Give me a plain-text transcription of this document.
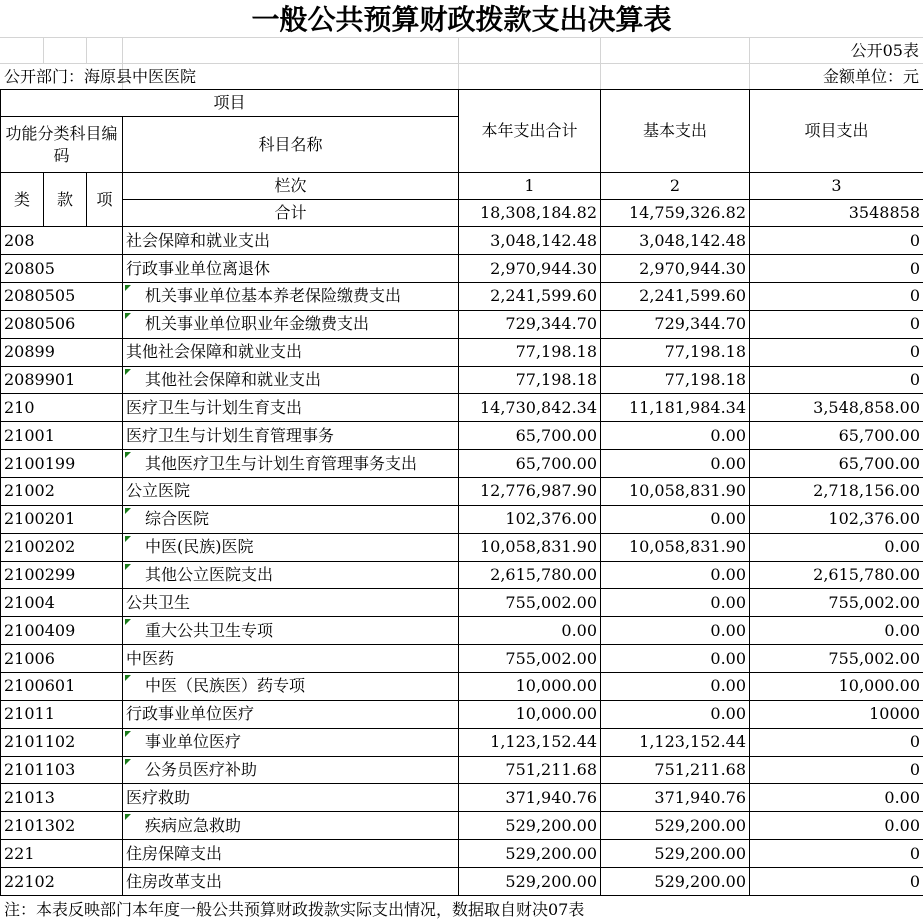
一般公共预算财政拨款支出决算表
公开05表
公开部门：海原县中医医院	金额单位：元
项目				本年支出合计	基本支出	项目支出
功能分类科目编码			科目名称			

类	款	项	栏次	1	2	3
			合计	18,308,184.82	14,759,326.82	3548858
208			社会保障和就业支出	3,048,142.48	3,048,142.48	0
20805			行政事业单位离退休	2,970,944.30	2,970,944.30	0
2080505			机关事业单位基本养老保险缴费支出	2,241,599.60	2,241,599.60	0
2080506			机关事业单位职业年金缴费支出	729,344.70	729,344.70	0
20899			其他社会保障和就业支出	77,198.18	77,198.18	0
2089901			其他社会保障和就业支出	77,198.18	77,198.18	0
210			医疗卫生与计划生育支出	14,730,842.34	11,181,984.34	3,548,858.00
21001			医疗卫生与计划生育管理事务	65,700.00	0.00	65,700.00
2100199			其他医疗卫生与计划生育管理事务支出	65,700.00	0.00	65,700.00
21002			公立医院	12,776,987.90	10,058,831.90	2,718,156.00
2100201			综合医院	102,376.00	0.00	102,376.00
2100202			中医(民族)医院	10,058,831.90	10,058,831.90	0.00
2100299			其他公立医院支出	2,615,780.00	0.00	2,615,780.00
21004			公共卫生	755,002.00	0.00	755,002.00
2100409			重大公共卫生专项	0.00	0.00	0.00
21006			中医药	755,002.00	0.00	755,002.00
2100601			中医（民族医）药专项	10,000.00	0.00	10,000.00
21011			行政事业单位医疗	10,000.00	0.00	10000
2101102			事业单位医疗	1,123,152.44	1,123,152.44	0
2101103			公务员医疗补助	751,211.68	751,211.68	0
21013			医疗救助	371,940.76	371,940.76	0.00
2101302			疾病应急救助	529,200.00	529,200.00	0.00
221			住房保障支出	529,200.00	529,200.00	0
22102			住房改革支出	529,200.00	529,200.00	0
注：本表反映部门本年度一般公共预算财政拨款实际支出情况，数据取自财决07表
